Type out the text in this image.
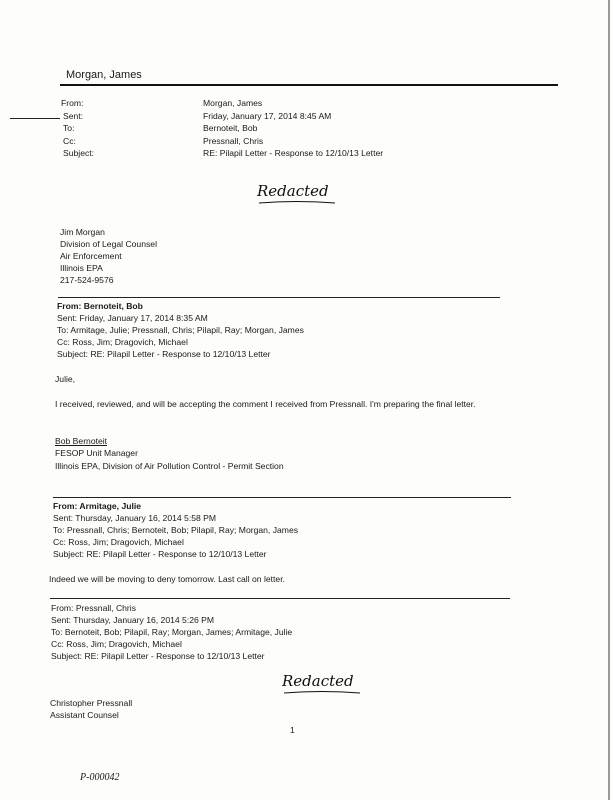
Morgan, James
From:	Morgan, James
Sent:	Friday, January 17, 2014 8:45 AM
To:	Bernoteit, Bob
Cc:	Pressnall, Chris
Subject:	RE: Pilapil Letter - Response to 12/10/13 Letter
Redacted
Jim Morgan
Division of Legal Counsel
Air Enforcement
Illinois EPA
217-524-9576
From: Bernoteit, Bob
Sent: Friday, January 17, 2014 8:35 AM
To: Armitage, Julie; Pressnall, Chris; Pilapil, Ray; Morgan, James
Cc: Ross, Jim; Dragovich, Michael
Subject: RE: Pilapil Letter - Response to 12/10/13 Letter
Julie,
I received, reviewed, and will be accepting the comment I received from Pressnall. I'm preparing the final letter.
Bob Bernoteit
FESOP Unit Manager
Illinois EPA, Division of Air Pollution Control - Permit Section
From: Armitage, Julie
Sent: Thursday, January 16, 2014 5:58 PM
To: Pressnall, Chris; Bernoteit, Bob; Pilapil, Ray; Morgan, James
Cc: Ross, Jim; Dragovich, Michael
Subject: RE: Pilapil Letter - Response to 12/10/13 Letter
Indeed we will be moving to deny tomorrow. Last call on letter.
From: Pressnall, Chris
Sent: Thursday, January 16, 2014 5:26 PM
To: Bernoteit, Bob; Pilapil, Ray; Morgan, James; Armitage, Julie
Cc: Ross, Jim; Dragovich, Michael
Subject: RE: Pilapil Letter - Response to 12/10/13 Letter
Redacted
Christopher Pressnall
Assistant Counsel
1
P-000042
